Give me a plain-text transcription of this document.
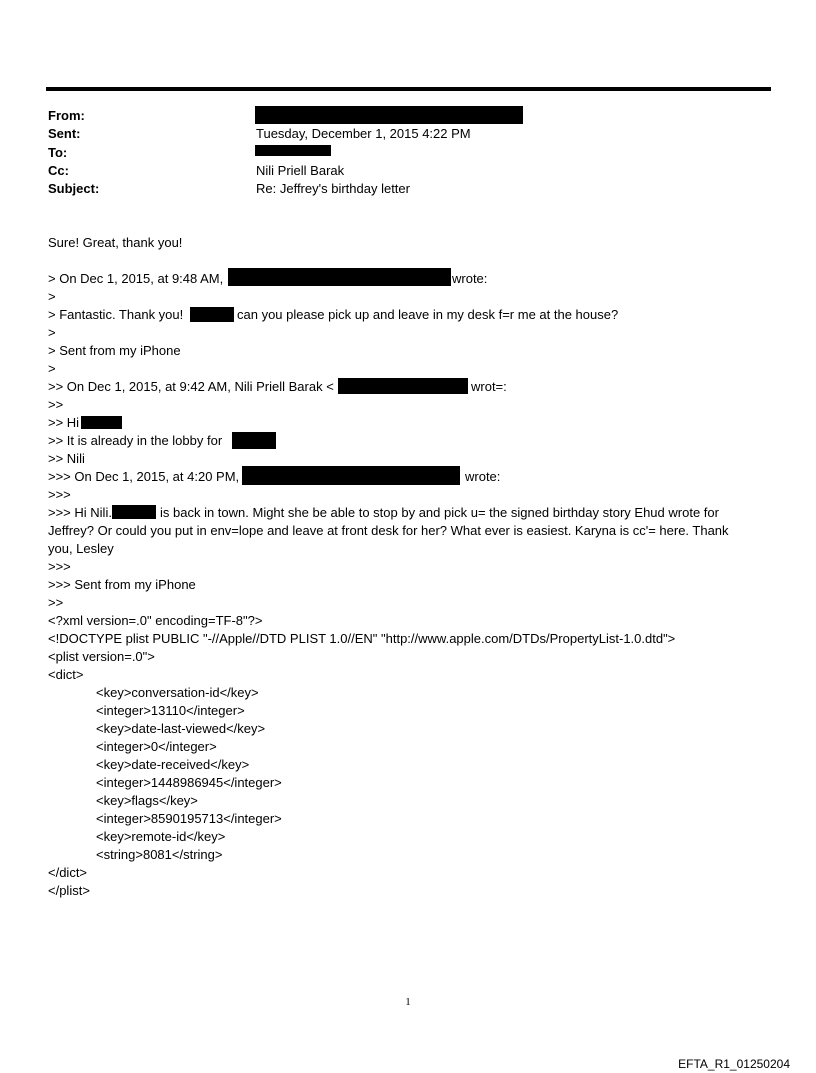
From:
Sent:	Tuesday, December 1, 2015 4:22 PM
To:
Cc:	Nili Priell Barak
Subject:	Re: Jeffrey's birthday letter
Sure! Great, thank you!
> On Dec 1, 2015, at 9:48 AM,	wrote:
>
> Fantastic. Thank you!	can you please pick up and leave in my desk f=r me at the house?
>
> Sent from my iPhone
>
>> On Dec 1, 2015, at 9:42 AM, Nili Priell Barak <	wrot=:
>>
>> Hi
>> It is already in the lobby for
>> Nili
>>> On Dec 1, 2015, at 4:20 PM,	wrote:
>>>
>>> Hi Nili.	is back in town. Might she be able to stop by and pick u= the signed birthday story Ehud wrote for
Jeffrey? Or could you put in env=lope and leave at front desk for her? What ever is easiest. Karyna is cc'= here. Thank
you, Lesley
>>>
>>> Sent from my iPhone
>>
<?xml version=.0" encoding=TF-8"?>
<!DOCTYPE plist PUBLIC "-//Apple//DTD PLIST 1.0//EN" "http://www.apple.com/DTDs/PropertyList-1.0.dtd">
<plist version=.0">
<dict>
<key>conversation-id</key>
<integer>13110</integer>
<key>date-last-viewed</key>
<integer>0</integer>
<key>date-received</key>
<integer>1448986945</integer>
<key>flags</key>
<integer>8590195713</integer>
<key>remote-id</key>
<string>8081</string>
</dict>
</plist>
1
EFTA_R1_01250204
